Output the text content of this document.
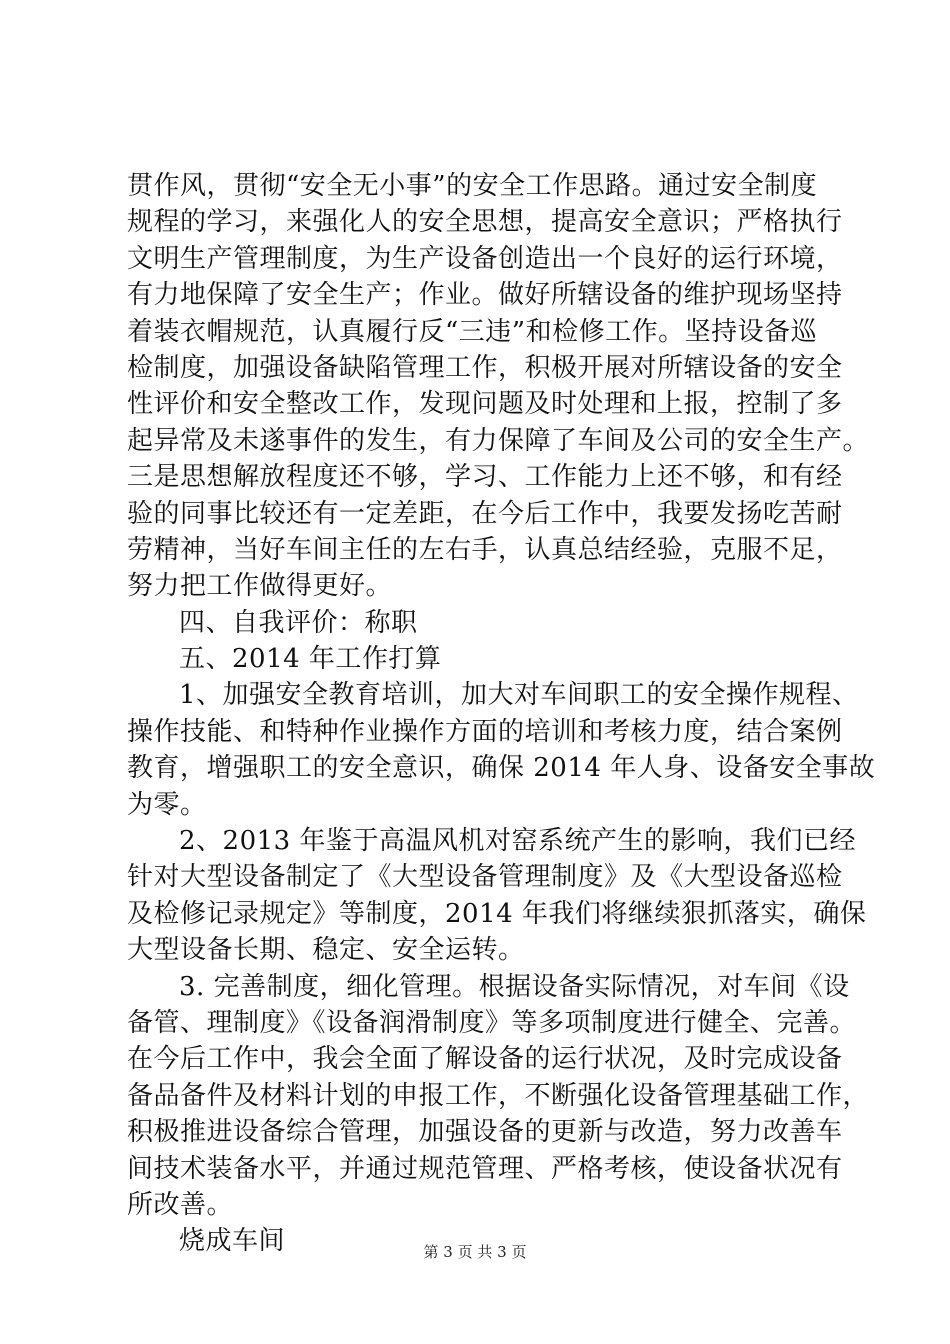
贯作风，贯彻“安全无小事”的安全工作思路。通过安全制度
规程的学习，来强化人的安全思想，提高安全意识；严格执行
文明生产管理制度，为生产设备创造出一个良好的运行环境，
有力地保障了安全生产；作业。做好所辖设备的维护现场坚持
着装衣帽规范，认真履行反“三违”和检修工作。坚持设备巡
检制度，加强设备缺陷管理工作，积极开展对所辖设备的安全
性评价和安全整改工作，发现问题及时处理和上报，控制了多
起异常及未遂事件的发生，有力保障了车间及公司的安全生产。
三是思想解放程度还不够，学习、工作能力上还不够，和有经
验的同事比较还有一定差距，在今后工作中，我要发扬吃苦耐
劳精神，当好车间主任的左右手，认真总结经验，克服不足，
努力把工作做得更好。
四、自我评价：称职
五、2014 年工作打算
1、加强安全教育培训，加大对车间职工的安全操作规程、
操作技能、和特种作业操作方面的培训和考核力度，结合案例
教育，增强职工的安全意识，确保 2014 年人身、设备安全事故
为零。
2、2013 年鉴于高温风机对窑系统产生的影响，我们已经
针对大型设备制定了《大型设备管理制度》及《大型设备巡检
及检修记录规定》等制度，2014 年我们将继续狠抓落实，确保
大型设备长期、稳定、安全运转。
3. 完善制度，细化管理。根据设备实际情况，对车间《设
备管、理制度》《设备润滑制度》等多项制度进行健全、完善。
在今后工作中，我会全面了解设备的运行状况，及时完成设备
备品备件及材料计划的申报工作，不断强化设备管理基础工作，
积极推进设备综合管理，加强设备的更新与改造，努力改善车
间技术装备水平，并通过规范管理、严格考核，使设备状况有
所改善。
烧成车间	第 3 页 共 3 页
